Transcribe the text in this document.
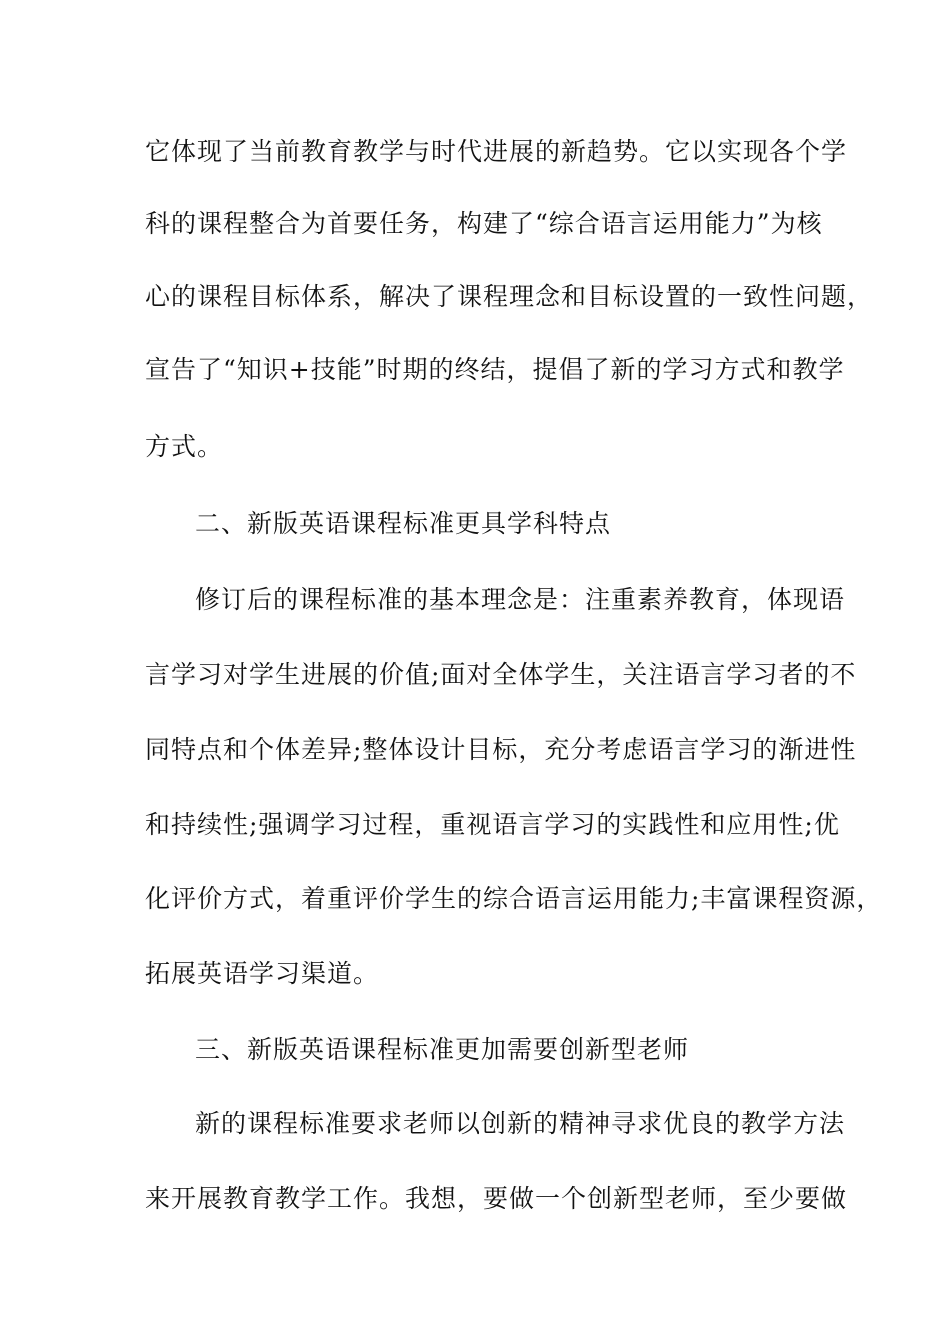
它体现了当前教育教学与时代进展的新趋势。它以实现各个学
科的课程整合为首要任务，构建了“综合语言运用能力”为核
心的课程目标体系，解决了课程理念和目标设置的一致性问题，
宣告了“知识+技能”时期的终结，提倡了新的学习方式和教学
方式。
二、新版英语课程标准更具学科特点
修订后的课程标准的基本理念是：注重素养教育，体现语
言学习对学生进展的价值;面对全体学生，关注语言学习者的不
同特点和个体差异;整体设计目标，充分考虑语言学习的渐进性
和持续性;强调学习过程，重视语言学习的实践性和应用性;优
化评价方式，着重评价学生的综合语言运用能力;丰富课程资源，
拓展英语学习渠道。
三、新版英语课程标准更加需要创新型老师
新的课程标准要求老师以创新的精神寻求优良的教学方法
来开展教育教学工作。我想，要做一个创新型老师，至少要做
